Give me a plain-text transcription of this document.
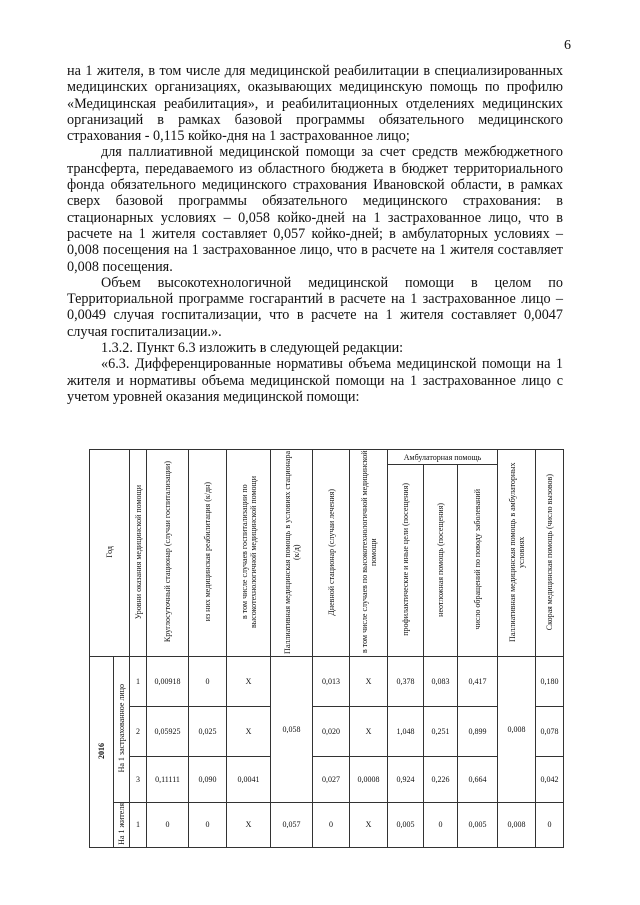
6

на 1 жителя, в том числе для медицинской реабилитации в специализированных медицинских организациях, оказывающих медицинскую помощь по профилю «Медицинская реабилитация», и реабилитационных отделениях медицинских организаций в рамках базовой программы обязательного медицинского страхования - 0,115 койко-дня на 1 застрахованное лицо;

для паллиативной медицинской помощи за счет средств межбюджетного трансферта, передаваемого из областного бюджета в бюджет территориального фонда обязательного медицинского страхования Ивановской области, в рамках сверх базовой программы обязательного медицинского страхования: в стационарных условиях – 0,058 койко-дней на 1 застрахованное лицо, что в расчете на 1 жителя составляет 0,057 койко-дней; в амбулаторных условиях – 0,008 посещения на 1 застрахованное лицо, что в расчете на 1 жителя составляет 0,008 посещения.

Объем высокотехнологичной медицинской помощи в целом по Территориальной программе госгарантий в расчете на 1 застрахованное лицо – 0,0049 случая госпитализации, что в расчете на 1 жителя составляет 0,0047 случая госпитализации.».

1.3.2. Пункт 6.3 изложить в следующей редакции:

«6.3. Дифференцированные нормативы объема медицинской помощи на 1 жителя и нормативы объема медицинской помощи на 1 застрахованное лицо с учетом уровней оказания медицинской помощи:

Год		Уровни оказания медицинской помощи	Круглосуточный стационар (случаи госпитализации)	из них медицинская реабилитация (к/дн)	в том числе случаев госпитализации по высокотехнологичной медицинской помощи	Паллиативная медицинская помощь в условиях стационара (к/д)	Дневной стационар (случаи лечения)	в том числе случаев по высокотехнологичной медицинской помощи	Амбулаторная помощь			Паллиативная медицинская помощь в амбулаторных условиях	Скорая медицинская помощь (число вызовов)
									профилактические и иные цели (посещения)	неотложная помощь (посещения)	число обращений по поводу заболеваний		
2016	На 1 застрахованное лицо	1	0,00918	0	X	0,058	0,013	X	0,378	0,083	0,417	0,008	0,180
		2	0,05925	0,025	X		0,020	X	1,048	0,251	0,899		0,078
		3	0,11111	0,090	0,0041		0,027	0,0008	0,924	0,226	0,664		0,042
	На 1 жителя	1	0	0	X	0,057	0	X	0,005	0	0,005	0,008	0
